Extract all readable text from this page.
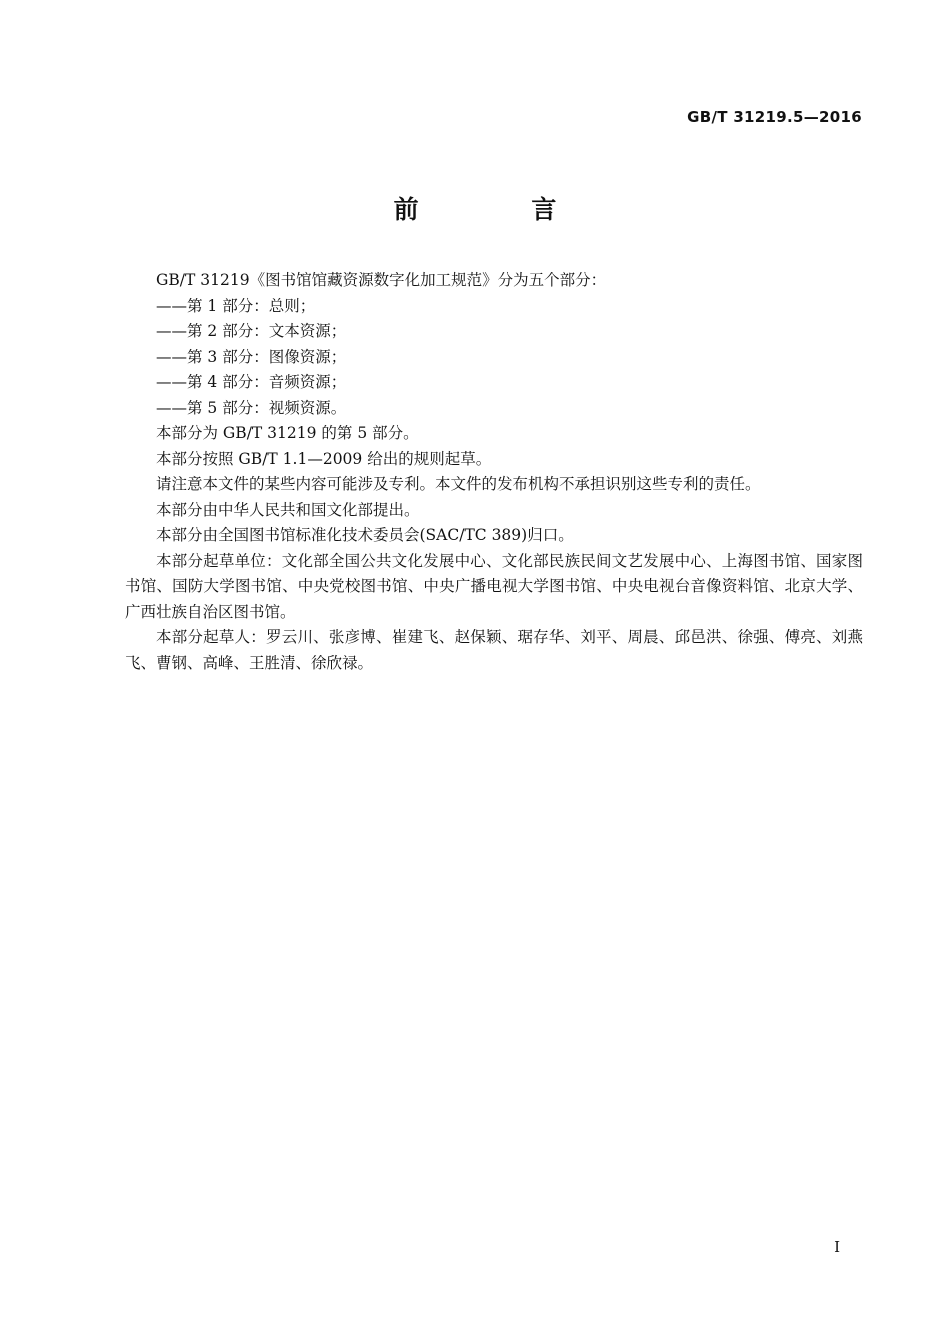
GB/T 31219.5—2016
前 言

GB/T 31219《图书馆馆藏资源数字化加工规范》分为五个部分：

——第 1 部分：总则；

——第 2 部分：文本资源；

——第 3 部分：图像资源；

——第 4 部分：音频资源；

——第 5 部分：视频资源。

本部分为 GB/T 31219 的第 5 部分。

本部分按照 GB/T 1.1—2009 给出的规则起草。

请注意本文件的某些内容可能涉及专利。本文件的发布机构不承担识别这些专利的责任。

本部分由中华人民共和国文化部提出。

本部分由全国图书馆标准化技术委员会(SAC/TC 389)归口。

本部分起草单位：文化部全国公共文化发展中心、文化部民族民间文艺发展中心、上海图书馆、国家图书馆、国防大学图书馆、中央党校图书馆、中央广播电视大学图书馆、中央电视台音像资料馆、北京大学、广西壮族自治区图书馆。

本部分起草人：罗云川、张彦博、崔建飞、赵保颖、琚存华、刘平、周晨、邱邑洪、徐强、傅亮、刘燕飞、曹钢、高峰、王胜清、徐欣禄。

I
